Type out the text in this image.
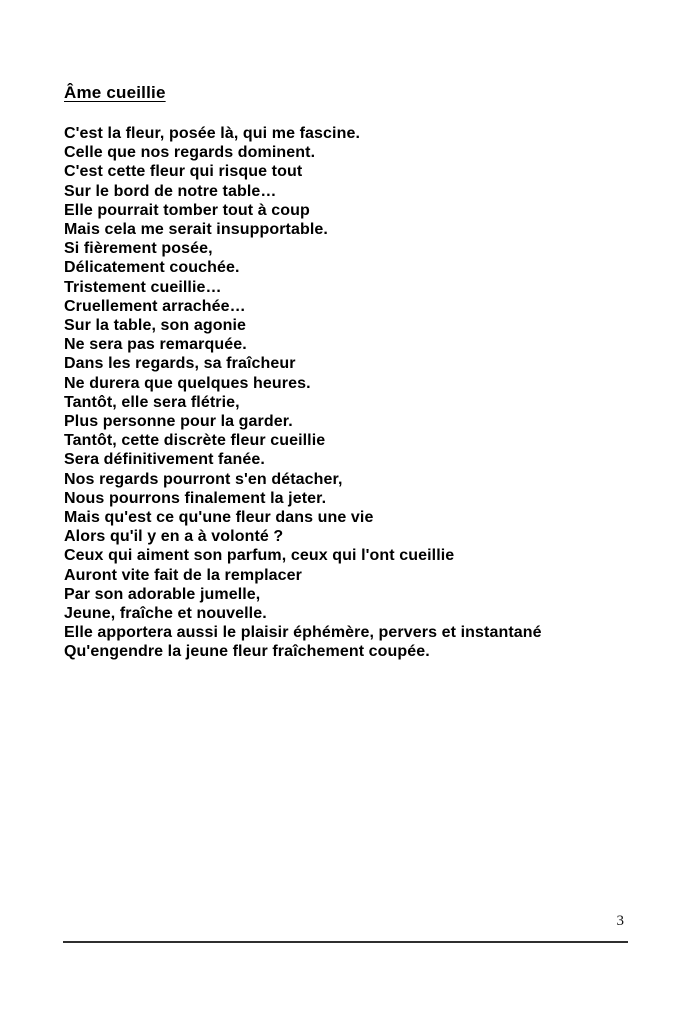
Âme cueillie
C'est la fleur, posée là, qui me fascine.
Celle que nos regards dominent.
C'est cette fleur qui risque tout
Sur le bord de notre table…
Elle pourrait tomber tout à coup
Mais cela me serait insupportable.
Si fièrement posée,
Délicatement couchée.
Tristement cueillie…
Cruellement arrachée…
Sur la table, son agonie
Ne sera pas remarquée.
Dans les regards, sa fraîcheur
Ne durera que quelques heures.
Tantôt, elle sera flétrie,
Plus personne pour la garder.
Tantôt, cette discrète fleur cueillie
Sera définitivement fanée.
Nos regards pourront s'en détacher,
Nous pourrons finalement la jeter.
Mais qu'est ce qu'une fleur dans une vie
Alors qu'il y en a à volonté ?
Ceux qui aiment son parfum, ceux qui l'ont cueillie
Auront vite fait de la remplacer
Par son adorable jumelle,
Jeune, fraîche et nouvelle.
Elle apportera aussi le plaisir éphémère, pervers et instantané
Qu'engendre la jeune fleur fraîchement coupée.
3
